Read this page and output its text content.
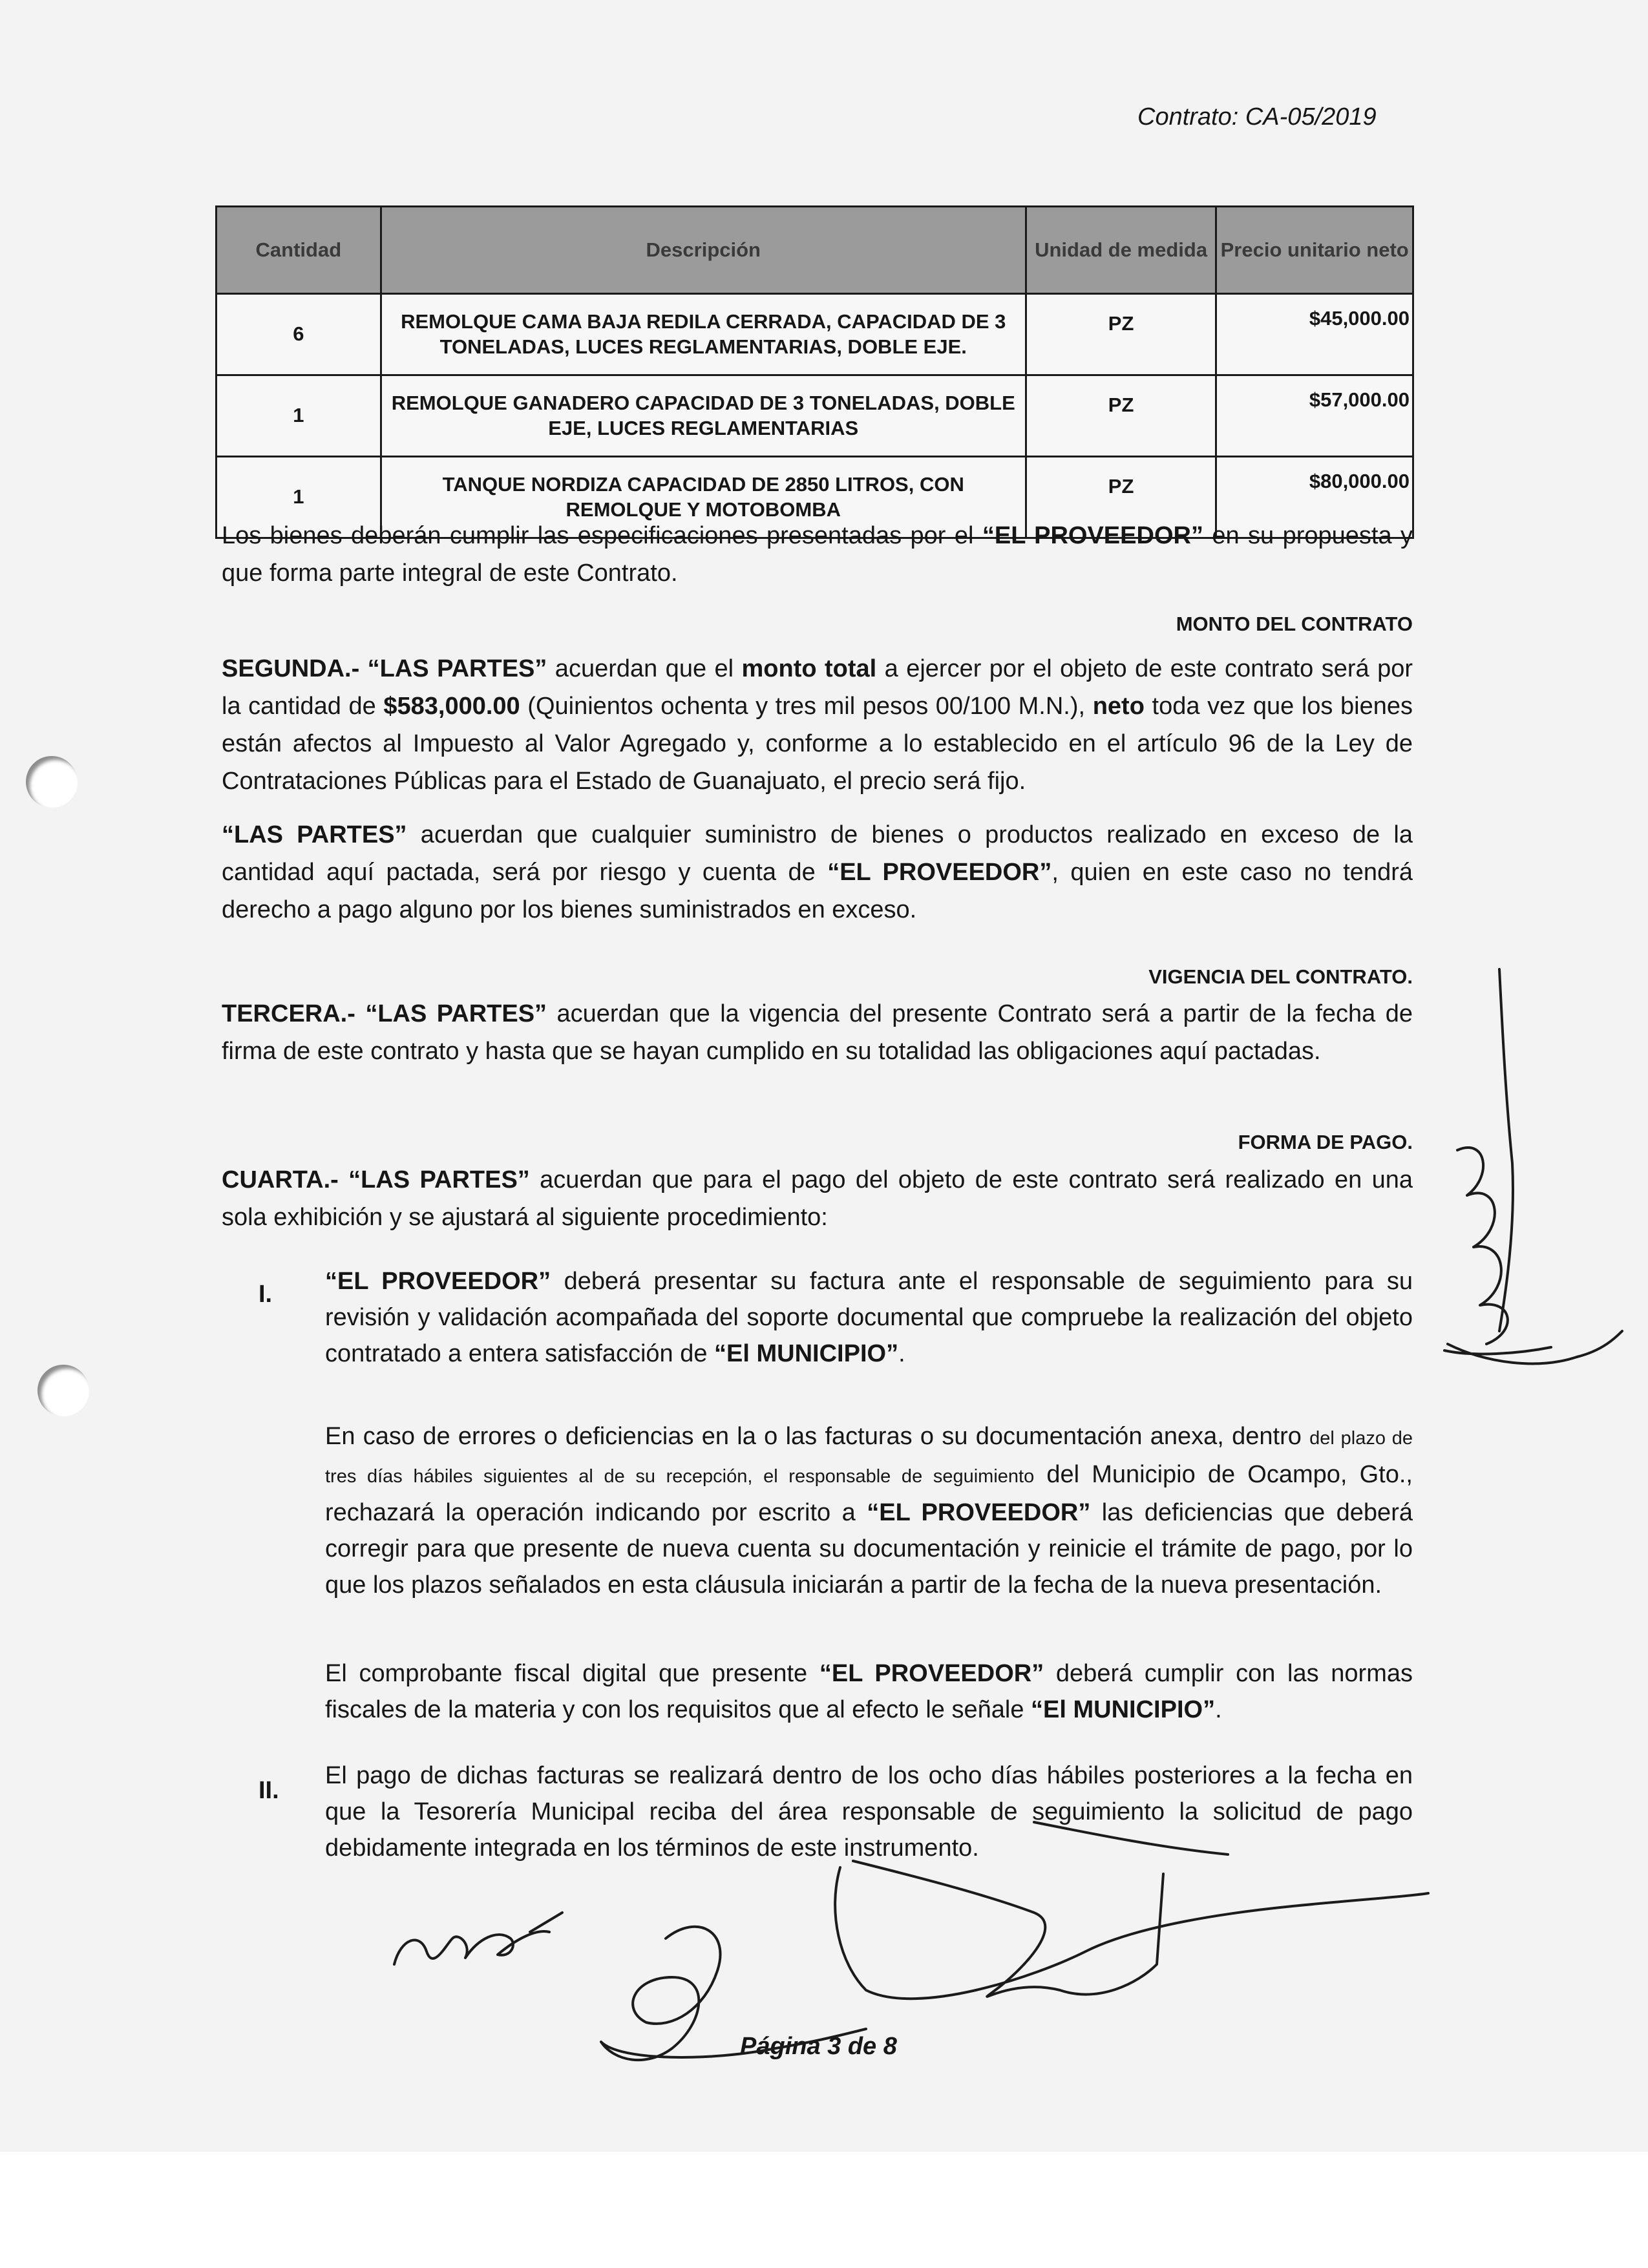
Contrato: CA-05/2019
Cantidad	Descripción	Unidad de medida	Precio unitario neto
6	REMOLQUE CAMA BAJA REDILA CERRADA, CAPACIDAD DE 3 TONELADAS, LUCES REGLAMENTARIAS, DOBLE EJE.	PZ	$45,000.00
1	REMOLQUE GANADERO CAPACIDAD DE 3 TONELADAS, DOBLE EJE, LUCES REGLAMENTARIAS	PZ	$57,000.00
1	TANQUE NORDIZA CAPACIDAD DE 2850 LITROS, CON REMOLQUE Y MOTOBOMBA	PZ	$80,000.00
Los bienes deberán cumplir las especificaciones presentadas por el “EL PROVEEDOR” en su propuesta y que forma parte integral de este Contrato.
MONTO DEL CONTRATO
SEGUNDA.- “LAS PARTES” acuerdan que el monto total a ejercer por el objeto de este contrato será por la cantidad de $583,000.00 (Quinientos ochenta y tres mil pesos 00/100 M.N.), neto toda vez que los bienes están afectos al Impuesto al Valor Agregado y, conforme a lo establecido en el artículo 96 de la Ley de Contrataciones Públicas para el Estado de Guanajuato, el precio será fijo.
“LAS PARTES” acuerdan que cualquier suministro de bienes o productos realizado en exceso de la cantidad aquí pactada, será por riesgo y cuenta de “EL PROVEEDOR”, quien en este caso no tendrá derecho a pago alguno por los bienes suministrados en exceso.
VIGENCIA DEL CONTRATO.
TERCERA.- “LAS PARTES” acuerdan que la vigencia del presente Contrato será a partir de la fecha de firma de este contrato y hasta que se hayan cumplido en su totalidad las obligaciones aquí pactadas.
FORMA DE PAGO.
CUARTA.- “LAS PARTES” acuerdan que para el pago del objeto de este contrato será realizado en una sola exhibición y se ajustará al siguiente procedimiento:
I. “EL PROVEEDOR” deberá presentar su factura ante el responsable de seguimiento para su revisión y validación acompañada del soporte documental que compruebe la realización del objeto contratado a entera satisfacción de “El MUNICIPIO”.
En caso de errores o deficiencias en la o las facturas o su documentación anexa, dentro del plazo de tres días hábiles siguientes al de su recepción, el responsable de seguimiento del Municipio de Ocampo, Gto., rechazará la operación indicando por escrito a “EL PROVEEDOR” las deficiencias que deberá corregir para que presente de nueva cuenta su documentación y reinicie el trámite de pago, por lo que los plazos señalados en esta cláusula iniciarán a partir de la fecha de la nueva presentación.
El comprobante fiscal digital que presente “EL PROVEEDOR” deberá cumplir con las normas fiscales de la materia y con los requisitos que al efecto le señale “El MUNICIPIO”.
II.
El pago de dichas facturas se realizará dentro de los ocho días hábiles posteriores a la fecha en que la Tesorería Municipal reciba del área responsable de seguimiento la solicitud de pago debidamente integrada en los términos de este instrumento.
Página 3 de 8
